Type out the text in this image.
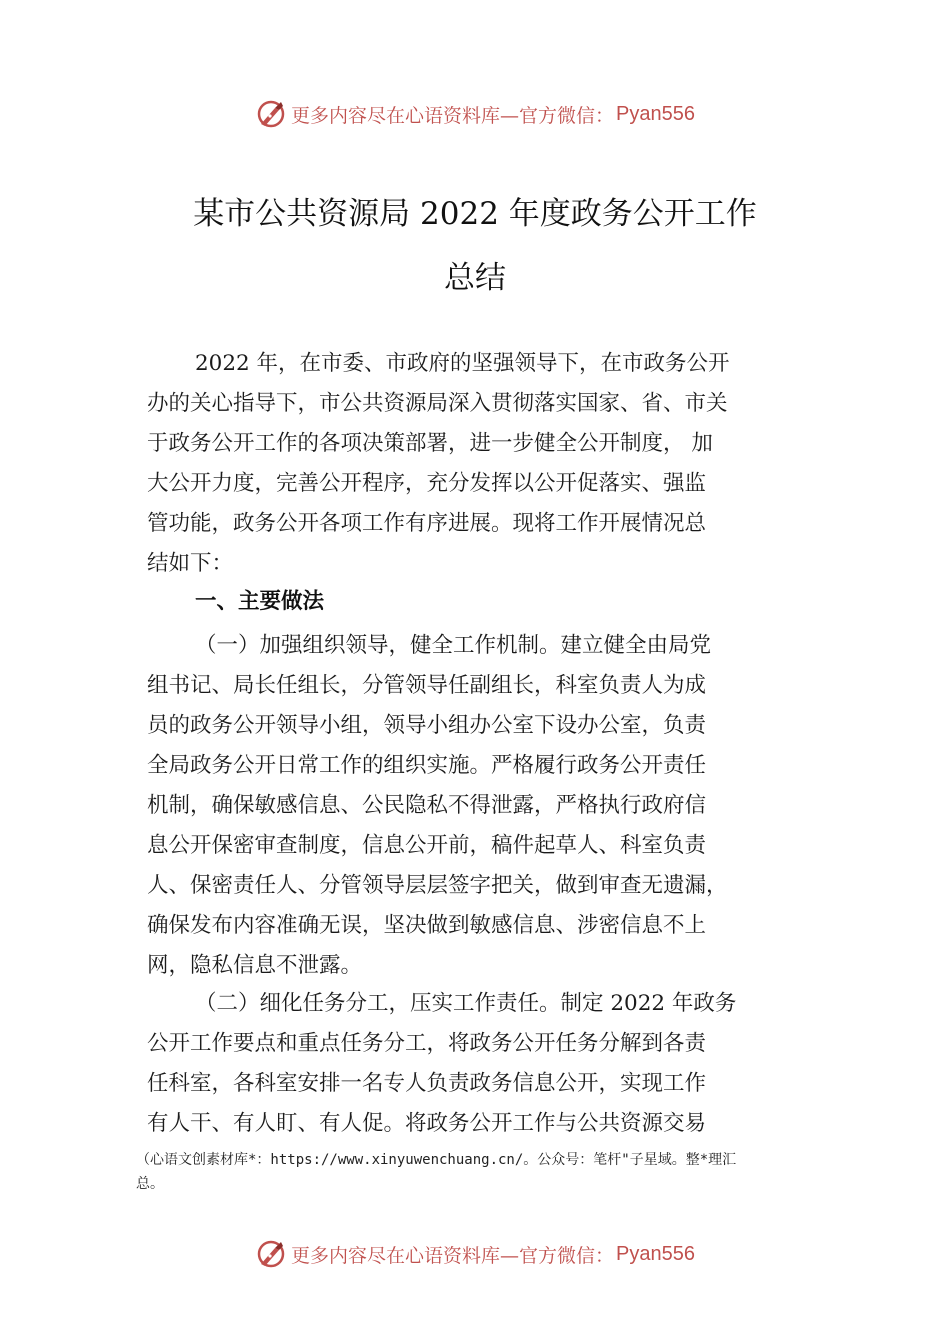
更多内容尽在心语资料库—官方微信： Pyan556
某市公共资源局 2022 年度政务公开工作
总结
2022 年，在市委、市政府的坚强领导下，在市政务公开
办的关心指导下，市公共资源局深入贯彻落实国家、省、市关
于政务公开工作的各项决策部署，进一步健全公开制度， 加
大公开力度，完善公开程序，充分发挥以公开促落实、强监
管功能，政务公开各项工作有序进展。现将工作开展情况总
结如下：
一、主要做法
（一）加强组织领导，健全工作机制。建立健全由局党
组书记、局长任组长，分管领导任副组长，科室负责人为成
员的政务公开领导小组，领导小组办公室下设办公室，负责
全局政务公开日常工作的组织实施。严格履行政务公开责任
机制，确保敏感信息、公民隐私不得泄露，严格执行政府信
息公开保密审查制度，信息公开前，稿件起草人、科室负责
人、保密责任人、分管领导层层签字把关，做到审查无遗漏，
确保发布内容准确无误，坚决做到敏感信息、涉密信息不上
网，隐私信息不泄露。
（二）细化任务分工，压实工作责任。制定 2022 年政务
公开工作要点和重点任务分工，将政务公开任务分解到各责
任科室，各科室安排一名专人负责政务信息公开，实现工作
有人干、有人盯、有人促。将政务公开工作与公共资源交易
（心语文创素材库*：https://www.xinyuwenchuang.cn/。公众号：笔杆"子星域。整*理汇
总。
更多内容尽在心语资料库—官方微信： Pyan556
